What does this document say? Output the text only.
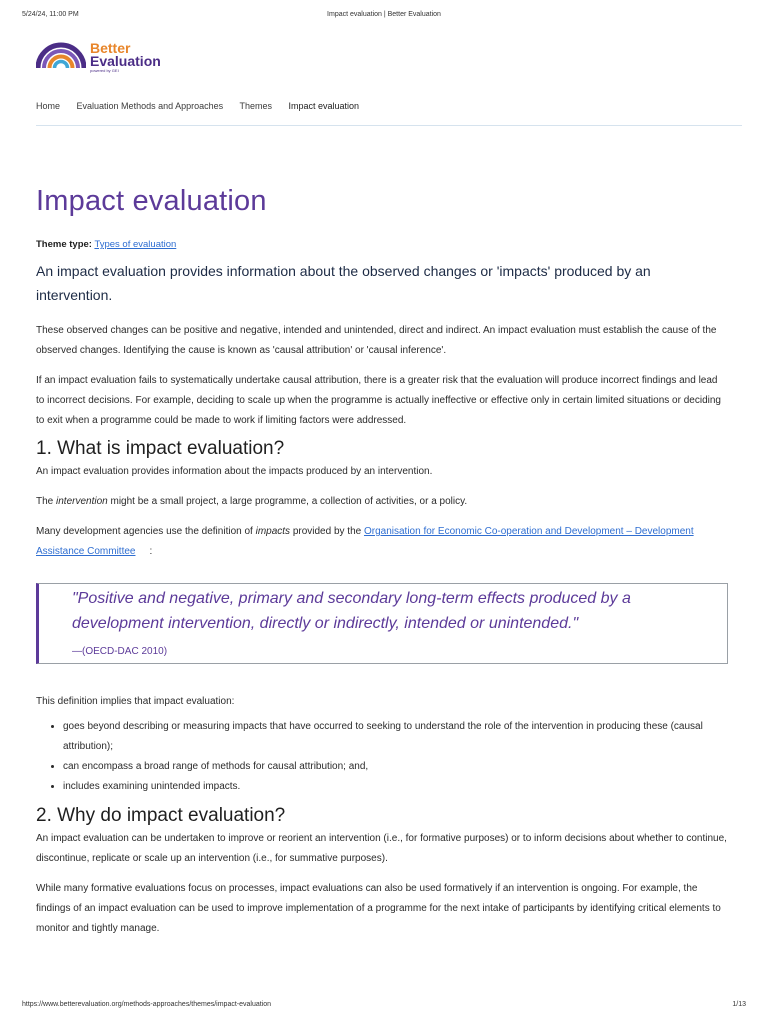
5/24/24, 11:00 PM	Impact evaluation | Better Evaluation
Better
Evaluation
powered by GEI
Home Evaluation Methods and Approaches Themes Impact evaluation
Impact evaluation
Theme type: Types of evaluation
An impact evaluation provides information about the observed changes or 'impacts' produced by an intervention.

These observed changes can be positive and negative, intended and unintended, direct and indirect. An impact evaluation must establish the cause of the observed changes. Identifying the cause is known as 'causal attribution' or 'causal inference'.

If an impact evaluation fails to systematically undertake causal attribution, there is a greater risk that the evaluation will produce incorrect findings and lead to incorrect decisions. For example, deciding to scale up when the programme is actually ineffective or effective only in certain limited situations or deciding to exit when a programme could be made to work if limiting factors were addressed.

1. What is impact evaluation?

An impact evaluation provides information about the impacts produced by an intervention.

The intervention might be a small project, a large programme, a collection of activities, or a policy.

Many development agencies use the definition of impacts provided by the Organisation for Economic Co-operation and Development – Development Assistance Committee :

"Positive and negative, primary and secondary long-term effects produced by a development intervention, directly or indirectly, intended or unintended."
—(OECD-DAC 2010)

This definition implies that impact evaluation:

• goes beyond describing or measuring impacts that have occurred to seeking to understand the role of the intervention in producing these (causal attribution);
• can encompass a broad range of methods for causal attribution; and,
• includes examining unintended impacts.
2. Why do impact evaluation?

An impact evaluation can be undertaken to improve or reorient an intervention (i.e., for formative purposes) or to inform decisions about whether to continue, discontinue, replicate or scale up an intervention (i.e., for summative purposes).

While many formative evaluations focus on processes, impact evaluations can also be used formatively if an intervention is ongoing. For example, the findings of an impact evaluation can be used to improve implementation of a programme for the next intake of participants by identifying critical elements to monitor and tightly manage.

https://www.betterevaluation.org/methods-approaches/themes/impact-evaluation	1/13
